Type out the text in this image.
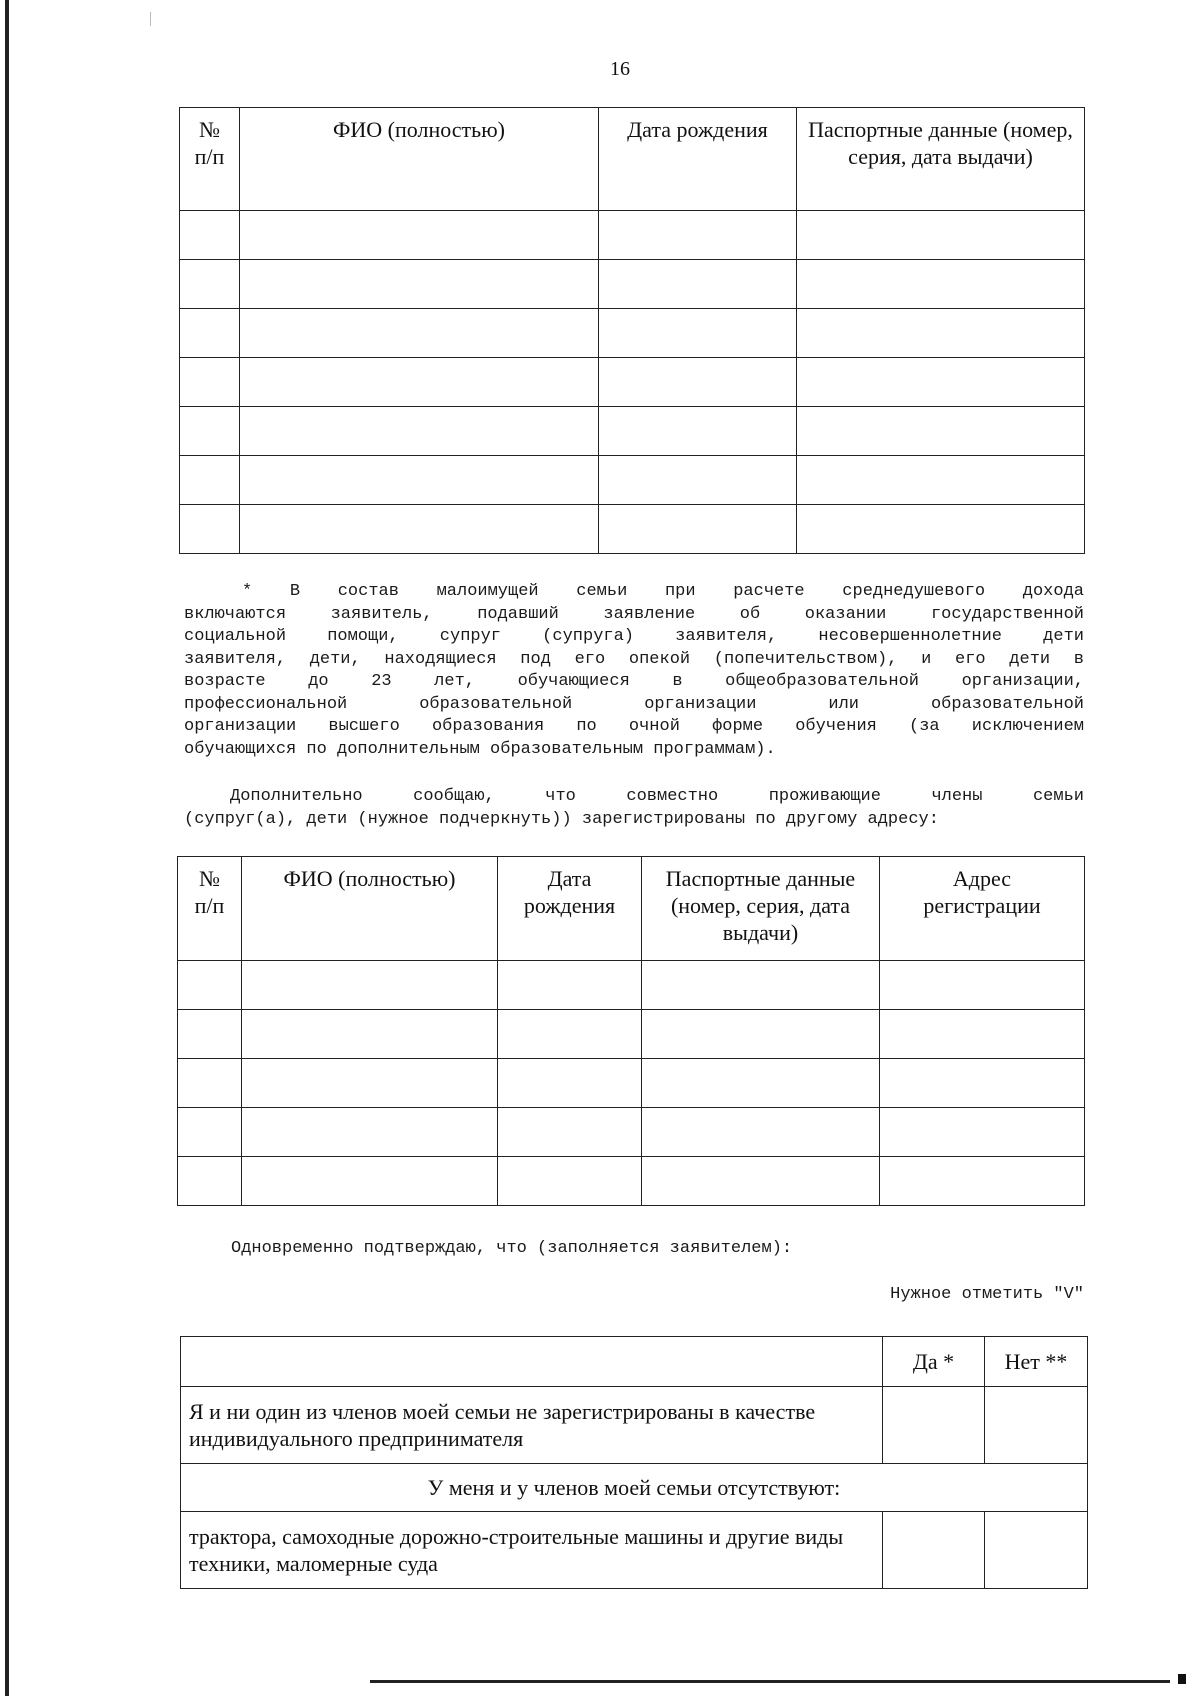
16
№
п/п	ФИО (полностью)	Дата рождения	Паспортные данные (номер, серия, дата выдачи)

* В состав малоимущей семьи при расчете среднедушевого дохода
включаются заявитель, подавший заявление об оказании государственной
социальной помощи, супруг (супруга) заявителя, несовершеннолетние дети
заявителя, дети, находящиеся под его опекой (попечительством), и его дети в
возрасте до 23 лет, обучающиеся в общеобразовательной организации,
профессиональной образовательной организации или образовательной
организации высшего образования по очной форме обучения (за исключением
обучающихся по дополнительным образовательным программам).
Дополнительно сообщаю, что совместно проживающие члены семьи
(супруг(а), дети (нужное подчеркнуть)) зарегистрированы по другому адресу:
№
п/п	ФИО (полностью)	Дата рождения	Паспортные данные (номер, серия, дата выдачи)	Адрес регистрации

Одновременно подтверждаю, что (заполняется заявителем):
Нужное отметить "V"
	Да *	Нет **
Я и ни один из членов моей семьи не зарегистрированы в качестве индивидуального предпринимателя		
У меня и у членов моей семьи отсутствуют:		
трактора, самоходные дорожно-строительные машины и другие виды техники, маломерные суда		
